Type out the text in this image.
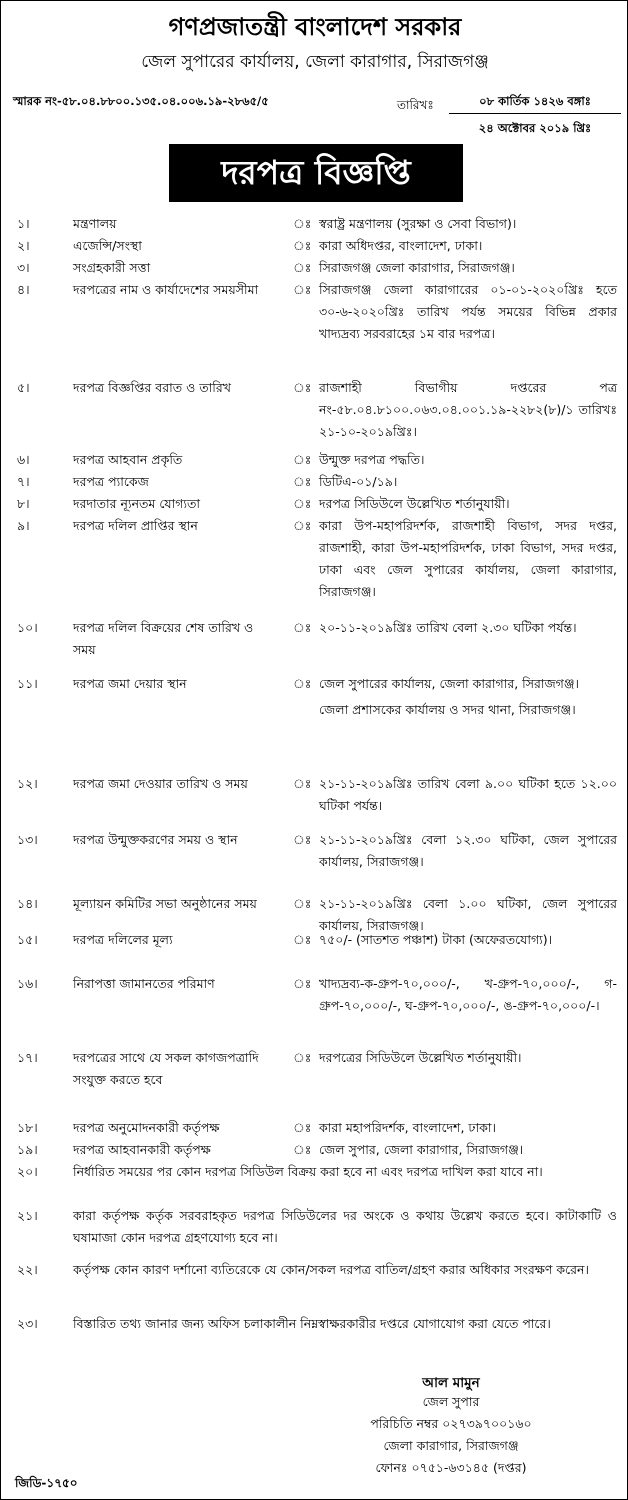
গণপ্রজাতন্ত্রী বাংলাদেশ সরকার
জেল সুপারের কার্যালয়, জেলা কারাগার, সিরাজগঞ্জ
স্মারক নং-৫৮.০৪.৮৮০০.১৩৫.০৪.০০৬.১৯-২৮৬৫/৫	তারিখঃ	০৮ কার্তিক ১৪২৬ বঙ্গাঃ
২৪ অক্টোবর ২০১৯ খ্রিঃ
দরপত্র বিজ্ঞপ্তি
১।	মন্ত্রণালয়	ঃ স্বরাষ্ট্র মন্ত্রণালয় (সুরক্ষা ও সেবা বিভাগ)।
২।	এজেন্সি/সংস্থা	ঃ কারা অধিদপ্তর, বাংলাদেশ, ঢাকা।
৩।	সংগ্রহকারী সত্তা	ঃ সিরাজগঞ্জ জেলা কারাগার, সিরাজগঞ্জ।
৪।	দরপত্রের নাম ও কার্যাদেশের সময়সীমা	ঃ সিরাজগঞ্জ জেলা কারাগারের ০১-০১-২০২০খ্রিঃ হতে ৩০-৬-২০২০খ্রিঃ তারিখ পর্যন্ত সময়ের বিভিন্ন প্রকার খাদ্যদ্রব্য সরবরাহের ১ম বার দরপত্র।
৫।	দরপত্র বিজ্ঞপ্তির বরাত ও তারিখ	ঃ রাজশাহী বিভাগীয় দপ্তরের পত্র নং-৫৮.০৪.৮১০০.০৬৩.০৪.০০১.১৯-২২৮২(৮)/১ তারিখঃ ২১-১০-২০১৯খ্রিঃ।
৬।	দরপত্র আহবান প্রকৃতি	ঃ উন্মুক্ত দরপত্র পদ্ধতি।
৭।	দরপত্র প্যাকেজ	ঃ ডিটিএ-০১/১৯।
৮।	দরদাতার ন্যূনতম যোগ্যতা	ঃ দরপত্র সিডিউলে উল্লেখিত শর্তানুযায়ী।
৯।	দরপত্র দলিল প্রাপ্তির স্থান	ঃ কারা উপ-মহাপরিদর্শক, রাজশাহী বিভাগ, সদর দপ্তর, রাজশাহী, কারা উপ-মহাপরিদর্শক, ঢাকা বিভাগ, সদর দপ্তর, ঢাকা এবং জেল সুপারের কার্যালয়, জেলা কারাগার, সিরাজগঞ্জ।
১০।	দরপত্র দলিল বিক্রয়ের শেষ তারিখ ও সময়
ঃ ২০-১১-২০১৯খ্রিঃ তারিখ বেলা ২.৩০ ঘটিকা পর্যন্ত।
১১।	দরপত্র জমা দেয়ার স্থান	ঃ জেল সুপারের কার্যালয়, জেলা কারাগার, সিরাজগঞ্জ।
জেলা প্রশাসকের কার্যালয় ও সদর থানা, সিরাজগঞ্জ।
১২।	দরপত্র জমা দেওয়ার তারিখ ও সময়	ঃ ২১-১১-২০১৯খ্রিঃ তারিখ বেলা ৯.০০ ঘটিকা হতে ১২.০০ ঘটিকা পর্যন্ত।
১৩।	দরপত্র উন্মুক্তকরণের সময় ও স্থান	ঃ ২১-১১-২০১৯খ্রিঃ বেলা ১২.৩০ ঘটিকা, জেল সুপারের কার্যালয়, সিরাজগঞ্জ।
১৪।	মূল্যায়ন কমিটির সভা অনুষ্ঠানের সময়	ঃ ২১-১১-২০১৯খ্রিঃ বেলা ১.০০ ঘটিকা, জেল সুপারের কার্যালয়, সিরাজগঞ্জ।
১৫।	দরপত্র দলিলের মূল্য	ঃ ৭৫০/- (সাতশত পঞ্চাশ) টাকা (অফেরতযোগ্য)।
১৬।	নিরাপত্তা জামানতের পরিমাণ	ঃ খাদ্যদ্রব্য-ক-গ্রুপ-৭০,০০০/-, খ-গ্রুপ-৭০,০০০/-, গ-গ্রুপ-৭০,০০০/-, ঘ-গ্রুপ-৭০,০০০/-, ঙ-গ্রুপ-৭০,০০০/-।
১৭।	দরপত্রের সাথে যে সকল কাগজপত্রাদি সংযুক্ত করতে হবে
ঃ দরপত্রের সিডিউলে উল্লেখিত শর্তানুযায়ী।
১৮।	দরপত্র অনুমোদনকারী কর্তৃপক্ষ	ঃ কারা মহাপরিদর্শক, বাংলাদেশ, ঢাকা।
১৯।	দরপত্র আহবানকারী কর্তৃপক্ষ	ঃ জেল সুপার, জেলা কারাগার, সিরাজগঞ্জ।
২০।	নির্ধারিত সময়ের পর কোন দরপত্র সিডিউল বিক্রয় করা হবে না এবং দরপত্র দাখিল করা যাবে না।
২১।	কারা কর্তৃপক্ষ কর্তৃক সরবরাহকৃত দরপত্র সিডিউলের দর অংকে ও কথায় উল্লেখ করতে হবে। কাটাকাটি ও ঘষামাজা কোন দরপত্র গ্রহণযোগ্য হবে না।
২২।	কর্তৃপক্ষ কোন কারণ দর্শানো ব্যতিরেকে যে কোন/সকল দরপত্র বাতিল/গ্রহণ করার অধিকার সংরক্ষণ করেন।
২৩।	বিস্তারিত তথ্য জানার জন্য অফিস চলাকালীন নিম্নস্বাক্ষরকারীর দপ্তরে যোগাযোগ করা যেতে পারে।
আল মামুন
জেল সুপার
পরিচিতি নম্বর ০২৭৩৯৭০০১৬০
জেলা কারাগার, সিরাজগঞ্জ
ফোনঃ ০৭৫১-৬৩১৪৫ (দপ্তর)
জিডি-১৭৫০
